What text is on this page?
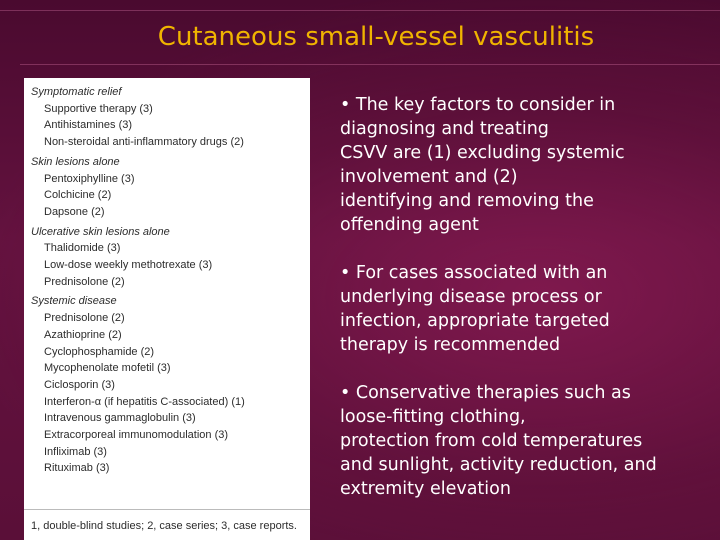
Cutaneous small-vessel vasculitis
Symptomatic relief
Supportive therapy (3)
Antihistamines (3)
Non-steroidal anti-inflammatory drugs (2)
Skin lesions alone
Pentoxiphylline (3)
Colchicine (2)
Dapsone (2)
Ulcerative skin lesions alone
Thalidomide (3)
Low-dose weekly methotrexate (3)
Prednisolone (2)
Systemic disease
Prednisolone (2)
Azathioprine (2)
Cyclophosphamide (2)
Mycophenolate mofetil (3)
Ciclosporin (3)
Interferon-α (if hepatitis C-associated) (1)
Intravenous gammaglobulin (3)
Extracorporeal immunomodulation (3)
Infliximab (3)
Rituximab (3)
1, double-blind studies; 2, case series; 3, case reports.

• The key factors to consider in

diagnosing and treating

CSVV are (1) excluding systemic

involvement and (2)

identifying and removing the

offending agent

• For cases associated with an

underlying disease process or

infection, appropriate targeted

therapy is recommended

• Conservative therapies such as

loose-fitting clothing,

protection from cold temperatures

and sunlight, activity reduction, and

extremity elevation
